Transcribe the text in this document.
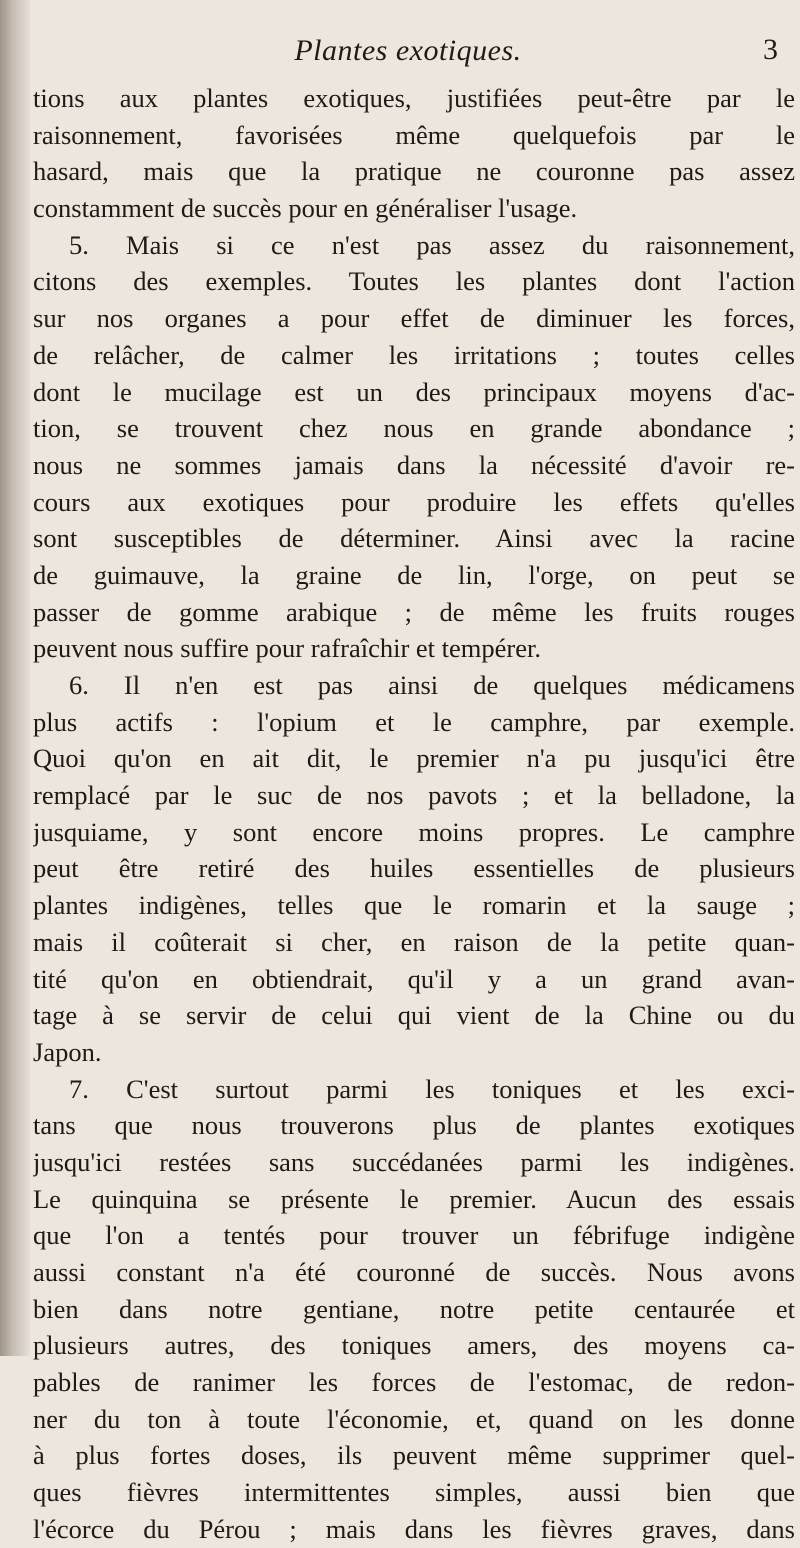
Plantes exotiques.	3
tions aux plantes exotiques, justifiées peut-être par le
raisonnement, favorisées même quelquefois par le
hasard, mais que la pratique ne couronne pas assez
constamment de succès pour en généraliser l'usage.
5. Mais si ce n'est pas assez du raisonnement,
citons des exemples. Toutes les plantes dont l'action
sur nos organes a pour effet de diminuer les forces,
de relâcher, de calmer les irritations ; toutes celles
dont le mucilage est un des principaux moyens d'ac-
tion, se trouvent chez nous en grande abondance ;
nous ne sommes jamais dans la nécessité d'avoir re-
cours aux exotiques pour produire les effets qu'elles
sont susceptibles de déterminer. Ainsi avec la racine
de guimauve, la graine de lin, l'orge, on peut se
passer de gomme arabique ; de même les fruits rouges
peuvent nous suffire pour rafraîchir et tempérer.
6. Il n'en est pas ainsi de quelques médicamens
plus actifs : l'opium et le camphre, par exemple.
Quoi qu'on en ait dit, le premier n'a pu jusqu'ici être
remplacé par le suc de nos pavots ; et la belladone, la
jusquiame, y sont encore moins propres. Le camphre
peut être retiré des huiles essentielles de plusieurs
plantes indigènes, telles que le romarin et la sauge ;
mais il coûterait si cher, en raison de la petite quan-
tité qu'on en obtiendrait, qu'il y a un grand avan-
tage à se servir de celui qui vient de la Chine ou du
Japon.
7. C'est surtout parmi les toniques et les exci-
tans que nous trouverons plus de plantes exotiques
jusqu'ici restées sans succédanées parmi les indigènes.
Le quinquina se présente le premier. Aucun des essais
que l'on a tentés pour trouver un fébrifuge indigène
aussi constant n'a été couronné de succès. Nous avons
bien dans notre gentiane, notre petite centaurée et
plusieurs autres, des toniques amers, des moyens ca-
pables de ranimer les forces de l'estomac, de redon-
ner du ton à toute l'économie, et, quand on les donne
à plus fortes doses, ils peuvent même supprimer quel-
ques fièvres intermittentes simples, aussi bien que
l'écorce du Pérou ; mais dans les fièvres graves, dans
